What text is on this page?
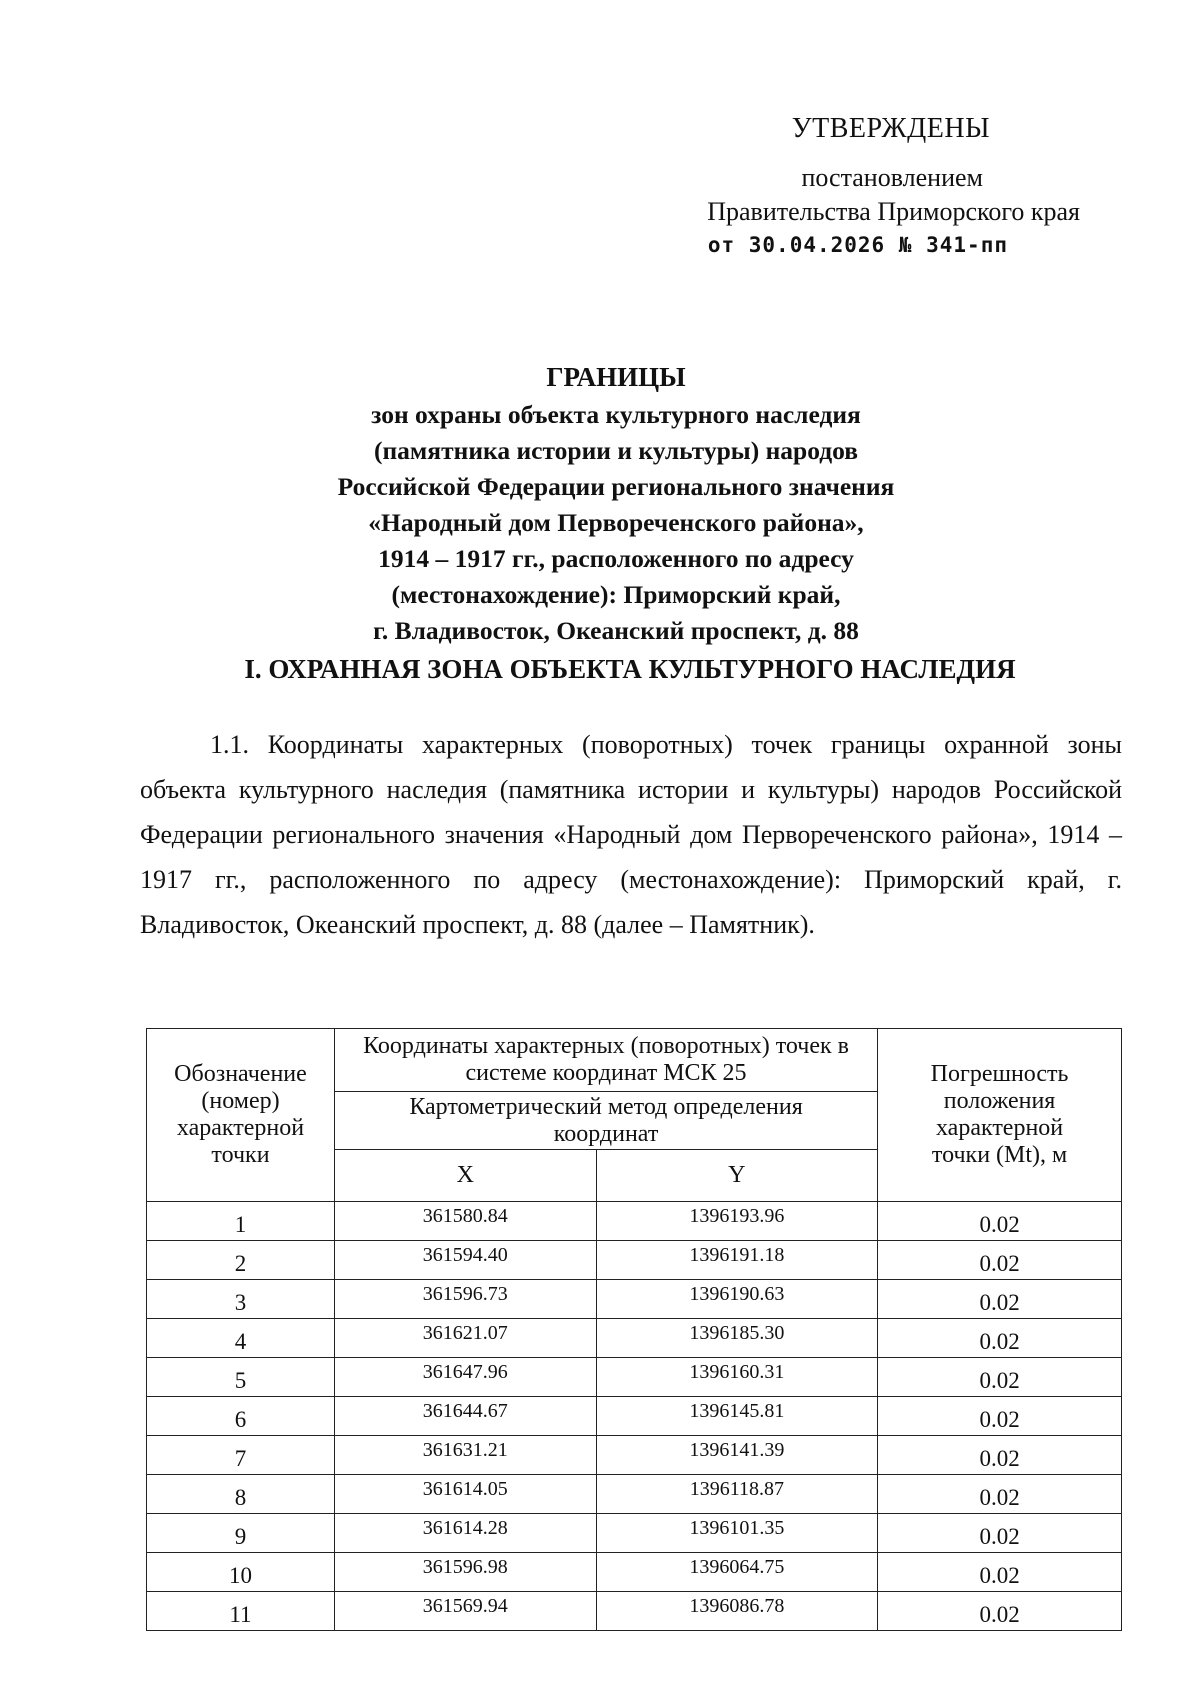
УТВЕРЖДЕНЫ
постановлением
Правительства Приморского края
от 30.04.2026 № 341-пп
ГРАНИЦЫ
зон охраны объекта культурного наследия
(памятника истории и культуры) народов
Российской Федерации регионального значения
«Народный дом Первореченского района»,
1914 – 1917 гг., расположенного по адресу
(местонахождение): Приморский край,
г. Владивосток, Океанский проспект, д. 88
I. ОХРАННАЯ ЗОНА ОБЪЕКТА КУЛЬТУРНОГО НАСЛЕДИЯ
1.1. Координаты характерных (поворотных) точек границы охранной зоны объекта культурного наследия (памятника истории и культуры) народов Российской Федерации регионального значения «Народный дом Первореченского района», 1914 – 1917 гг., расположенного по адресу (местонахождение): Приморский край, г. Владивосток, Океанский проспект, д. 88 (далее – Памятник).
Обозначение (номер) характерной точки	Координаты характерных (поворотных) точек в системе координат МСК 25		Погрешность положения характерной точки (Mt), м
	Картометрический метод определения координат		
	X	Y	
1	361580.84	1396193.96	0.02
2	361594.40	1396191.18	0.02
3	361596.73	1396190.63	0.02
4	361621.07	1396185.30	0.02
5	361647.96	1396160.31	0.02
6	361644.67	1396145.81	0.02
7	361631.21	1396141.39	0.02
8	361614.05	1396118.87	0.02
9	361614.28	1396101.35	0.02
10	361596.98	1396064.75	0.02
11	361569.94	1396086.78	0.02
